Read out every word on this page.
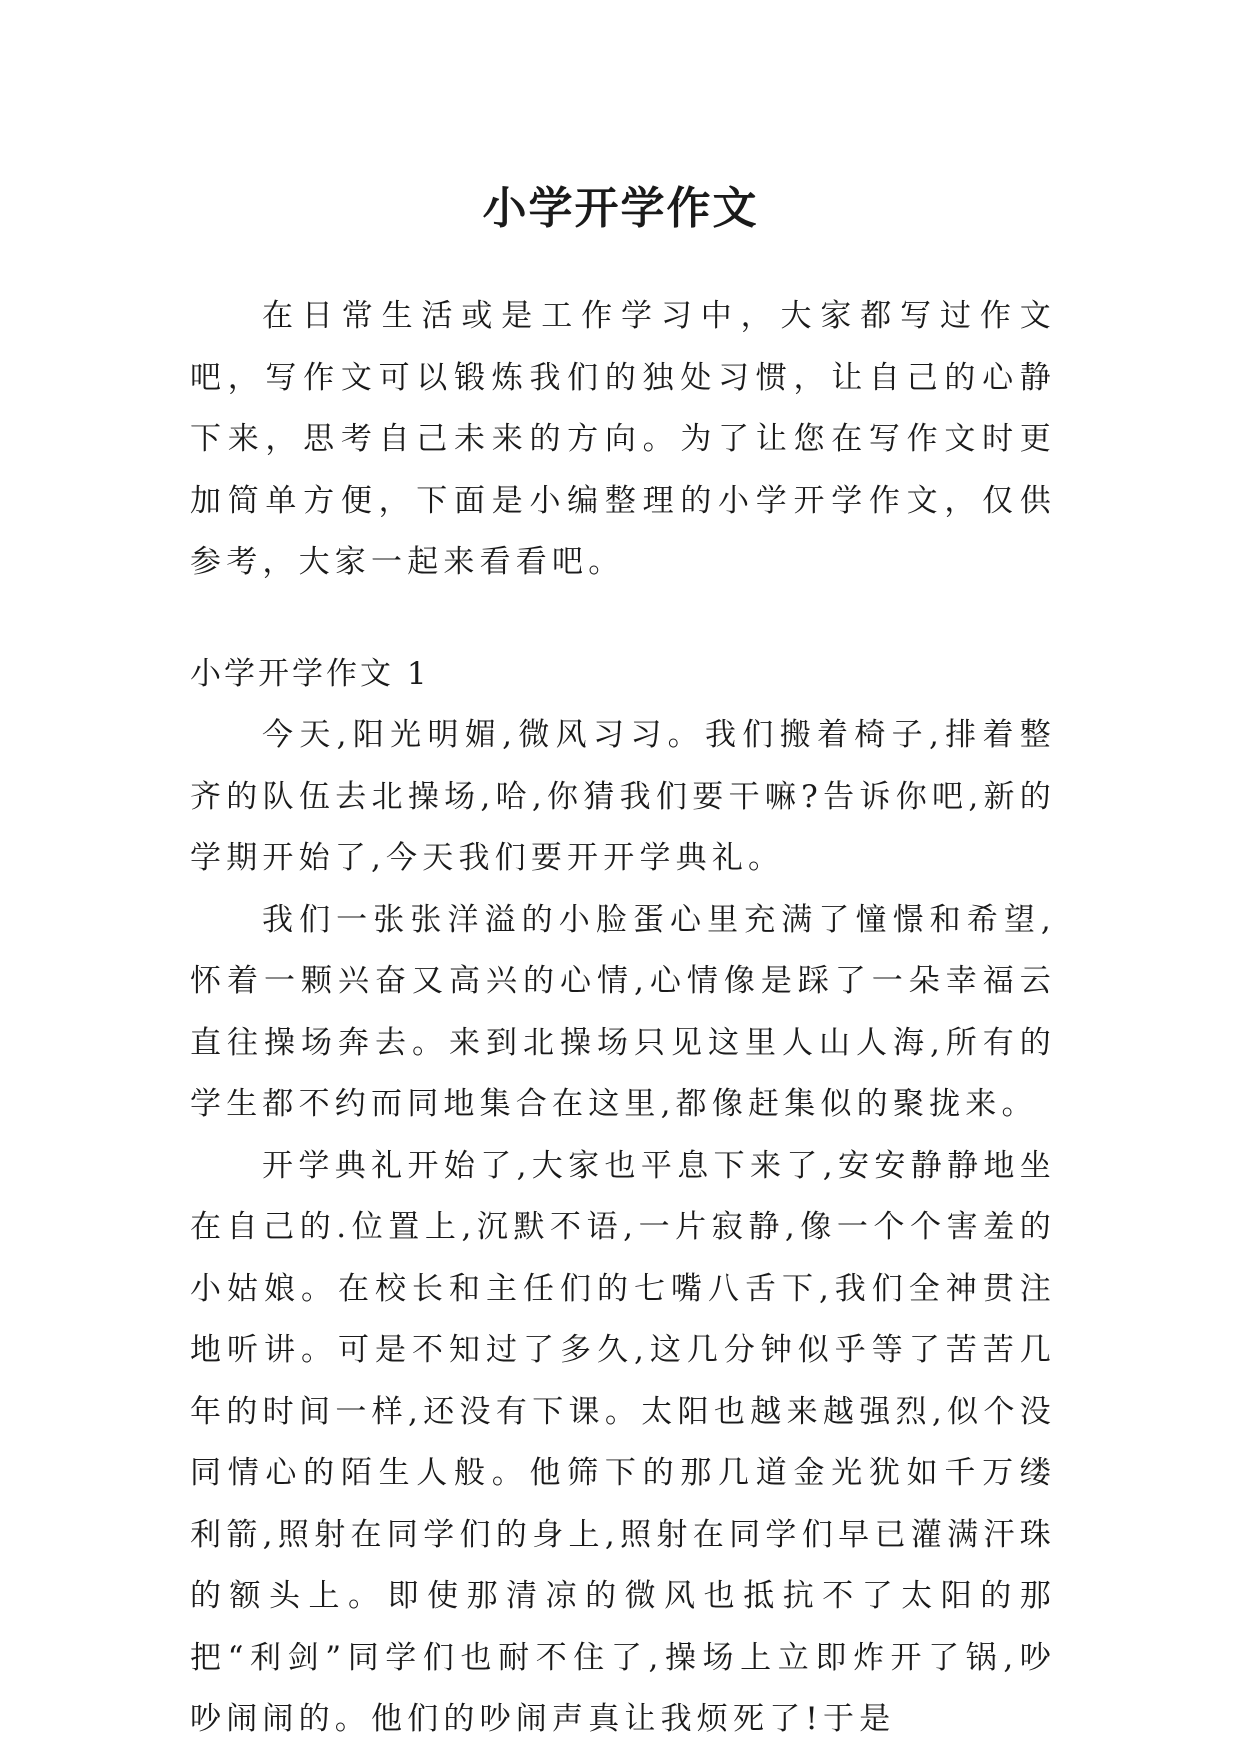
小学开学作文

在日常生活或是工作学习中，大家都写过作文吧，写作文可以锻炼我们的独处习惯，让自己的心静下来，思考自己未来的方向。为了让您在写作文时更加简单方便，下面是小编整理的小学开学作文，仅供参考，大家一起来看看吧。

小学开学作文 1

今天,阳光明媚,微风习习。我们搬着椅子,排着整齐的队伍去北操场,哈,你猜我们要干嘛?告诉你吧,新的学期开始了,今天我们要开开学典礼。

我们一张张洋溢的小脸蛋心里充满了憧憬和希望,怀着一颗兴奋又高兴的心情,心情像是踩了一朵幸福云直往操场奔去。来到北操场只见这里人山人海,所有的学生都不约而同地集合在这里,都像赶集似的聚拢来。

开学典礼开始了,大家也平息下来了,安安静静地坐在自己的.位置上,沉默不语,一片寂静,像一个个害羞的小姑娘。在校长和主任们的七嘴八舌下,我们全神贯注地听讲。可是不知过了多久,这几分钟似乎等了苦苦几年的时间一样,还没有下课。太阳也越来越强烈,似个没同情心的陌生人般。他筛下的那几道金光犹如千万缕利箭,照射在同学们的身上,照射在同学们早已灌满汗珠的额头上。即使那清凉的微风也抵抗不了太阳的那把“利剑”同学们也耐不住了,操场上立即炸开了锅,吵吵闹闹的。他们的吵闹声真让我烦死了!于是
